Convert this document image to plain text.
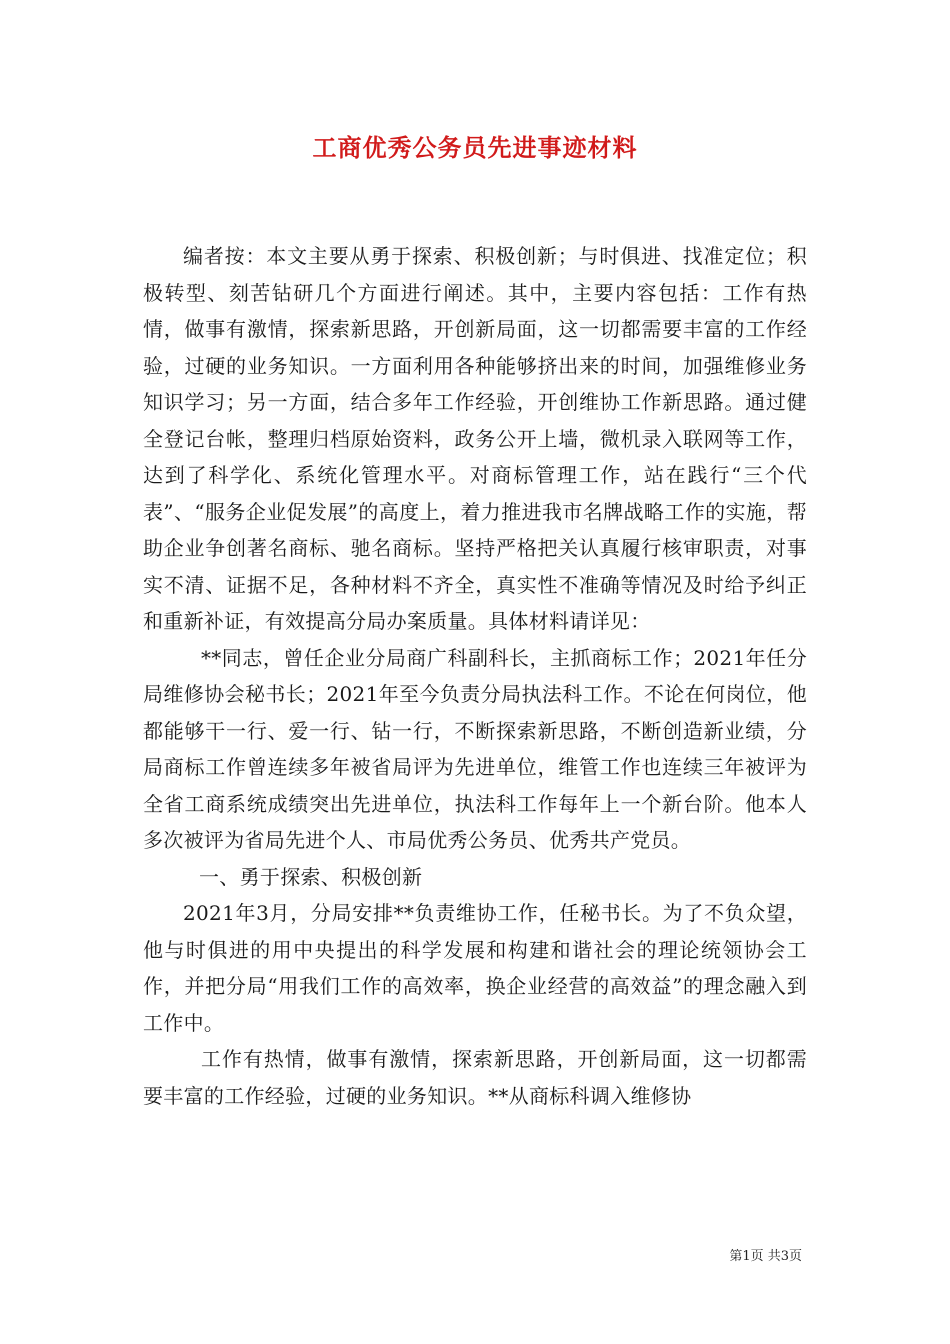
工商优秀公务员先进事迹材料

编者按：本文主要从勇于探索、积极创新；与时俱进、找准定位；积极转型、刻苦钻研几个方面进行阐述。其中，主要内容包括：工作有热情，做事有激情，探索新思路，开创新局面，这一切都需要丰富的工作经验，过硬的业务知识。一方面利用各种能够挤出来的时间，加强维修业务知识学习；另一方面，结合多年工作经验，开创维协工作新思路。通过健全登记台帐，整理归档原始资料，政务公开上墙，微机录入联网等工作，达到了科学化、系统化管理水平。对商标管理工作，站在践行“三个代表”、“服务企业促发展”的高度上，着力推进我市名牌战略工作的实施，帮助企业争创著名商标、驰名商标。坚持严格把关认真履行核审职责，对事实不清、证据不足，各种材料不齐全，真实性不准确等情况及时给予纠正和重新补证，有效提高分局办案质量。具体材料请详见：

**同志，曾任企业分局商广科副科长，主抓商标工作；2021年任分局维修协会秘书长；2021年至今负责分局执法科工作。不论在何岗位，他都能够干一行、爱一行、钻一行，不断探索新思路，不断创造新业绩，分局商标工作曾连续多年被省局评为先进单位，维管工作也连续三年被评为全省工商系统成绩突出先进单位，执法科工作每年上一个新台阶。他本人多次被评为省局先进个人、市局优秀公务员、优秀共产党员。

一、勇于探索、积极创新

2021年3月，分局安排**负责维协工作，任秘书长。为了不负众望，他与时俱进的用中央提出的科学发展和构建和谐社会的理论统领协会工作，并把分局“用我们工作的高效率，换企业经营的高效益”的理念融入到工作中。

工作有热情，做事有激情，探索新思路，开创新局面，这一切都需要丰富的工作经验，过硬的业务知识。**从商标科调入维修协

第1页 共3页
